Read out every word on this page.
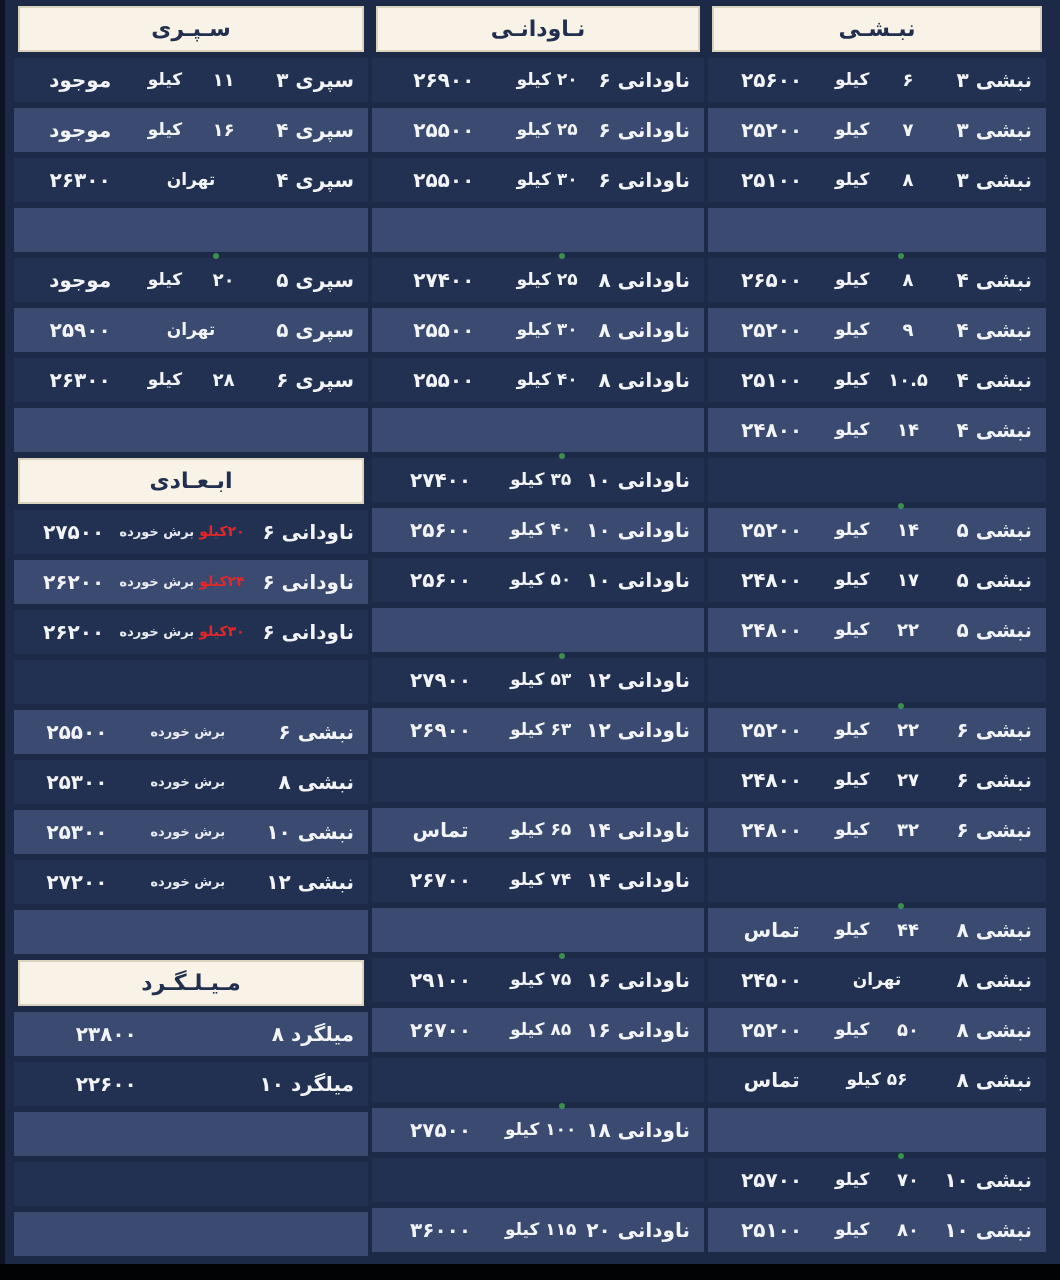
نبـشـی
نبشی ۳
۶
کیلو
۲۵۶۰۰
نبشی ۳
۷
کیلو
۲۵۲۰۰
نبشی ۳
۸
کیلو
۲۵۱۰۰
نبشی ۴
۸
کیلو
۲۶۵۰۰
نبشی ۴
۹
کیلو
۲۵۲۰۰
نبشی ۴
۱۰.۵
کیلو
۲۵۱۰۰
نبشی ۴
۱۴
کیلو
۲۴۸۰۰
نبشی ۵
۱۴
کیلو
۲۵۲۰۰
نبشی ۵
۱۷
کیلو
۲۴۸۰۰
نبشی ۵
۲۲
کیلو
۲۴۸۰۰
نبشی ۶
۲۲
کیلو
۲۵۲۰۰
نبشی ۶
۲۷
کیلو
۲۴۸۰۰
نبشی ۶
۳۲
کیلو
۲۴۸۰۰
نبشی ۸
۴۴
کیلو
تماس
نبشی ۸
تهران
۲۴۵۰۰
نبشی ۸
۵۰
کیلو
۲۵۲۰۰
نبشی ۸
۵۶ کیلو
تماس
نبشی ۱۰
۷۰
کیلو
۲۵۷۰۰
نبشی ۱۰
۸۰
کیلو
۲۵۱۰۰
نـاودانـی
ناودانی ۶
۲۰ کیلو
۲۶۹۰۰
ناودانی ۶
۲۵ کیلو
۲۵۵۰۰
ناودانی ۶
۳۰ کیلو
۲۵۵۰۰
ناودانی ۸
۲۵ کیلو
۲۷۴۰۰
ناودانی ۸
۳۰ کیلو
۲۵۵۰۰
ناودانی ۸
۴۰ کیلو
۲۵۵۰۰
ناودانی ۱۰
۳۵ کیلو
۲۷۴۰۰
ناودانی ۱۰
۴۰ کیلو
۲۵۶۰۰
ناودانی ۱۰
۵۰ کیلو
۲۵۶۰۰
ناودانی ۱۲
۵۳ کیلو
۲۷۹۰۰
ناودانی ۱۲
۶۳ کیلو
۲۶۹۰۰
ناودانی ۱۴
۶۵ کیلو
تماس
ناودانی ۱۴
۷۴ کیلو
۲۶۷۰۰
ناودانی ۱۶
۷۵ کیلو
۲۹۱۰۰
ناودانی ۱۶
۸۵ کیلو
۲۶۷۰۰
ناودانی ۱۸
۱۰۰ کیلو
۲۷۵۰۰
ناودانی ۲۰
۱۱۵ کیلو
۳۶۰۰۰
سـپـری
سپری ۳
۱۱
کیلو
موجود
سپری ۴
۱۶
کیلو
موجود
سپری ۴
تهران
۲۶۳۰۰
سپری ۵
۲۰
کیلو
موجود
سپری ۵
تهران
۲۵۹۰۰
سپری ۶
۲۸
کیلو
۲۶۳۰۰
ابـعـادی
ناودانی ۶
۲۰کیلو
برش خورده
۲۷۵۰۰
ناودانی ۶
۲۴کیلو
برش خورده
۲۶۲۰۰
ناودانی ۶
۳۰کیلو
برش خورده
۲۶۲۰۰
نبشی ۶
برش خورده
۲۵۵۰۰
نبشی ۸
برش خورده
۲۵۳۰۰
نبشی ۱۰
برش خورده
۲۵۳۰۰
نبشی ۱۲
برش خورده
۲۷۲۰۰
مـیـلـگـرد
میلگرد ۸
۲۳۸۰۰
میلگرد ۱۰
۲۲۶۰۰
